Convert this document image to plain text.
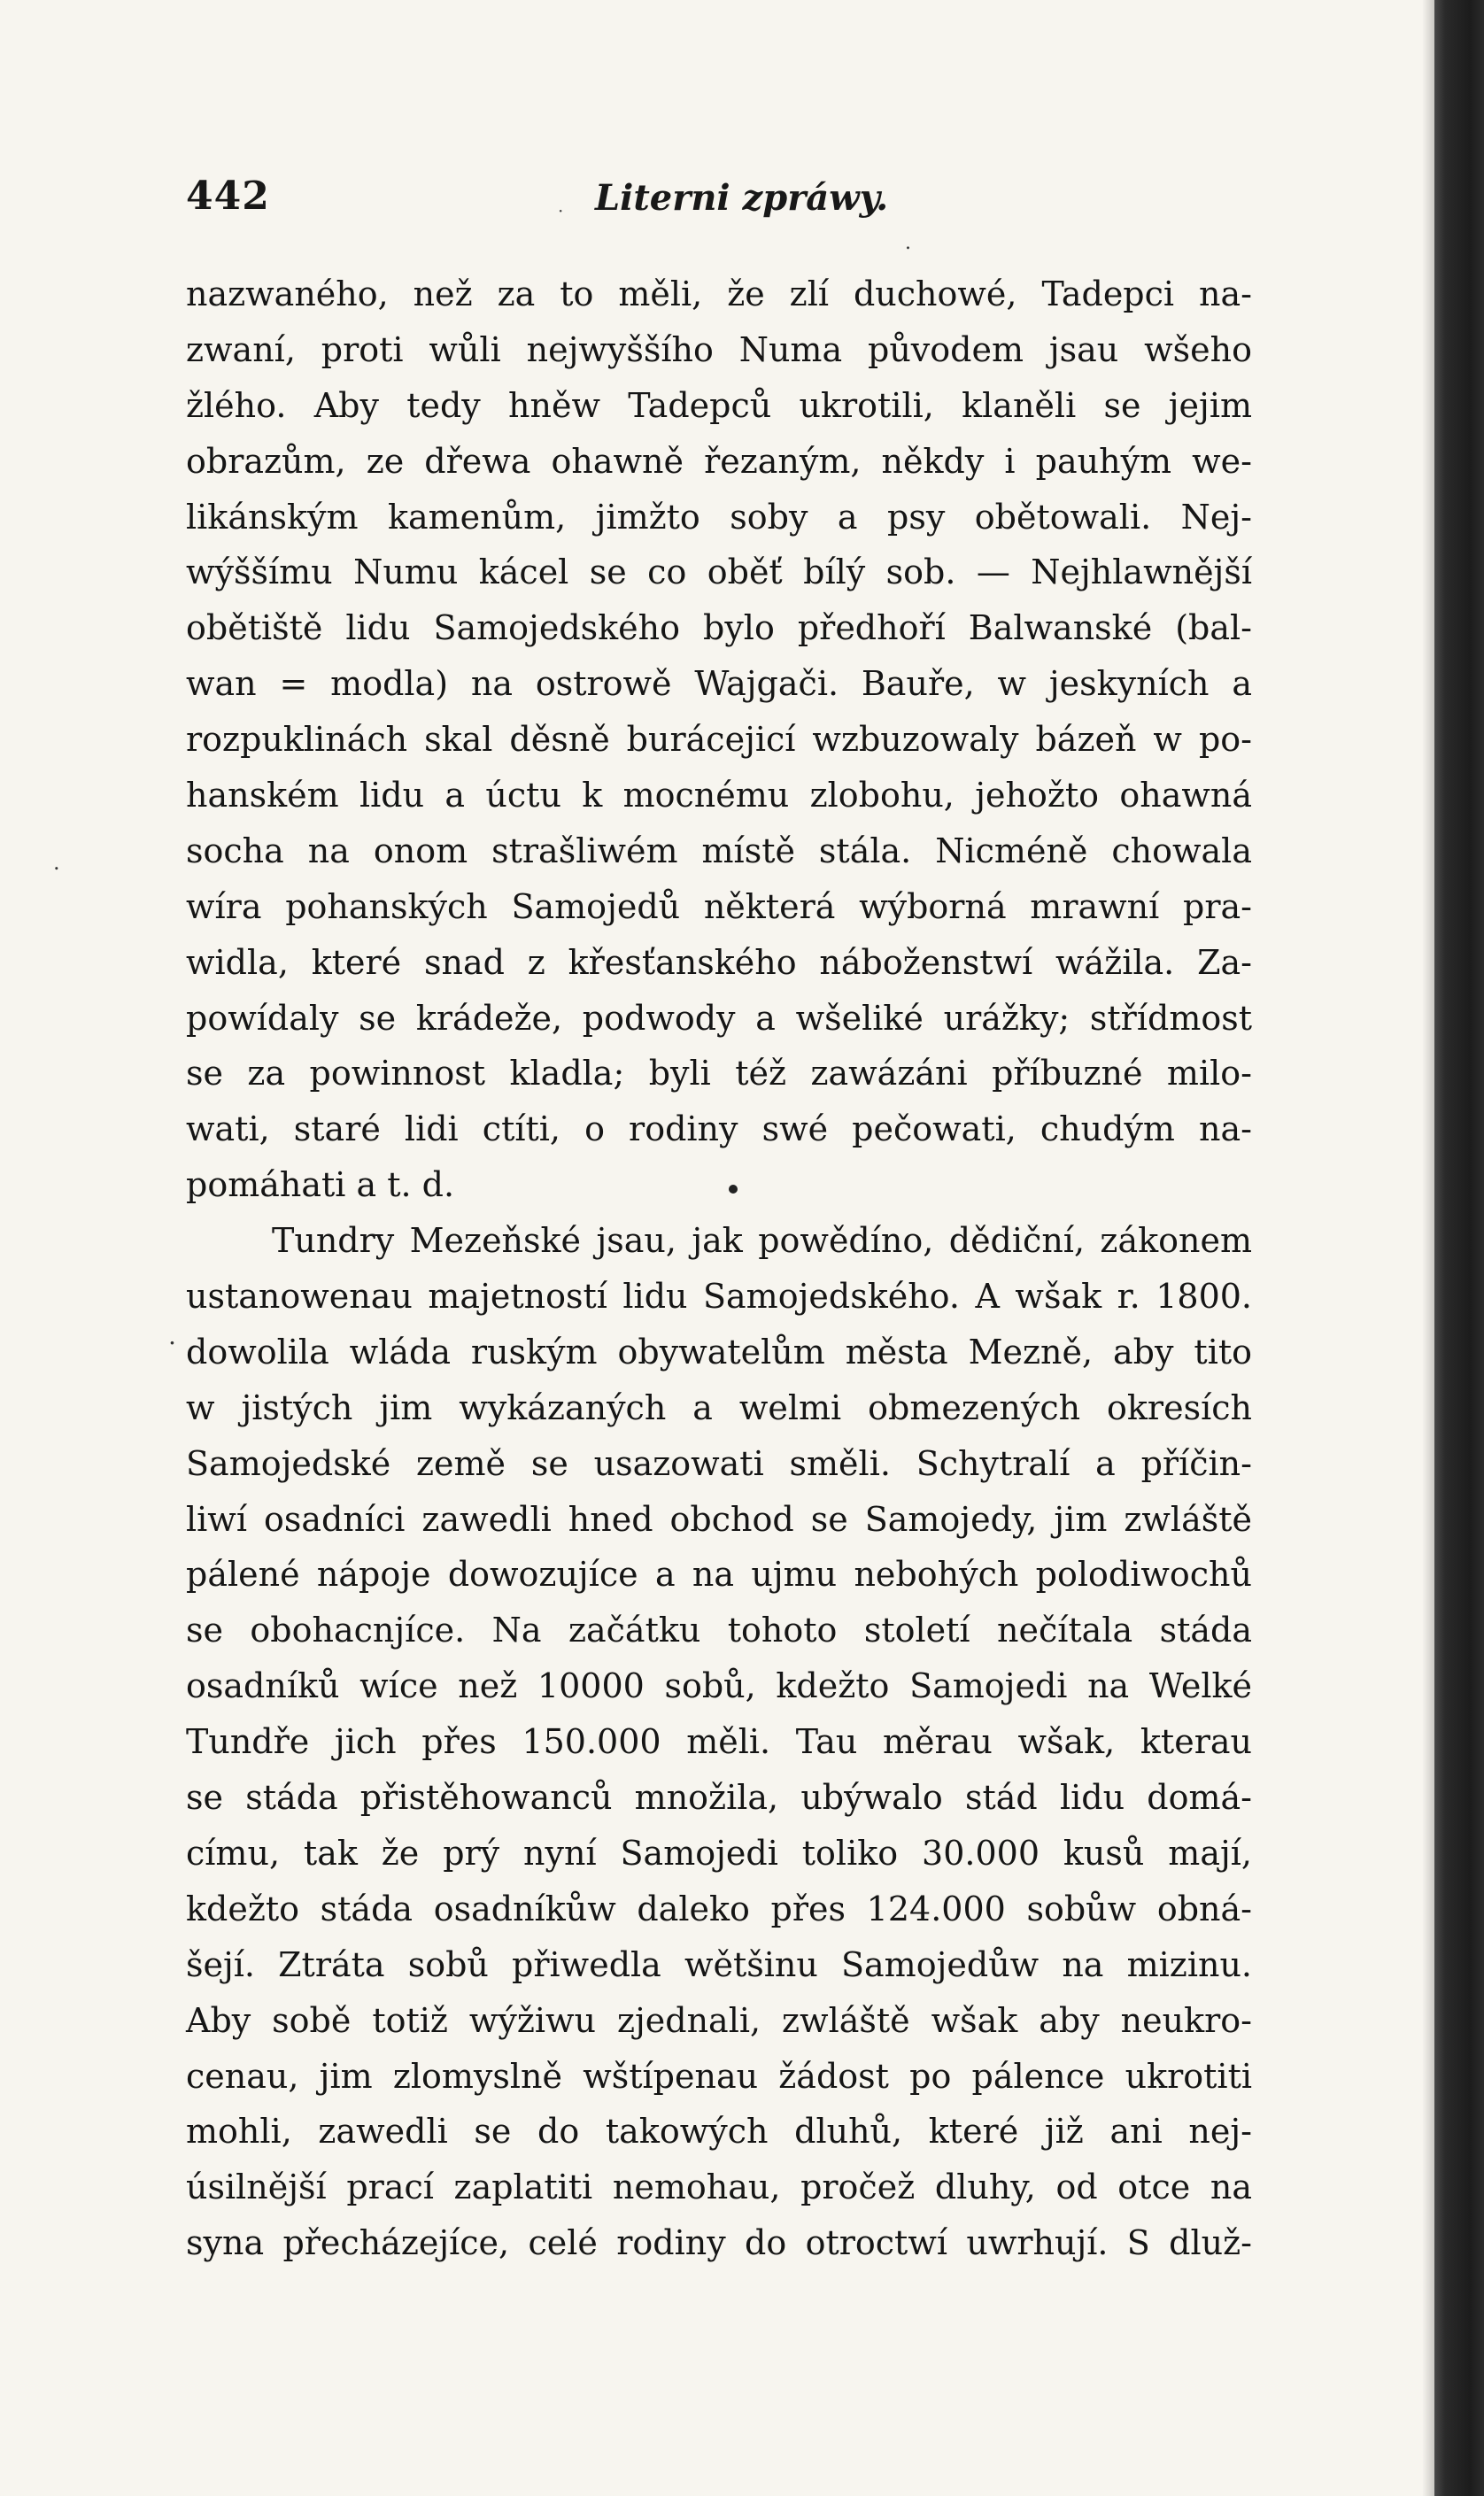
442	· Literni zpráwy.
nazwaného, než za to měli, že zlí duchowé, Tadepci na-
zwaní, proti wůli nejwyššího Numa původem jsau wšeho
žlého. Aby tedy hněw Tadepců ukrotili, klaněli se jejim
obrazům, ze dřewa ohawně řezaným, někdy i pauhým we-
likánským kamenům, jimžto soby a psy obětowali. Nej-
wýššímu Numu kácel se co oběť bílý sob. — Nejhlawnější
obětiště lidu Samojedského bylo předhoří Balwanské (bal-
wan = modla) na ostrowě Wajgači. Bauře, w jeskyních a
rozpuklinách skal děsně burácejicí wzbuzowaly bázeň w po-
hanském lidu a úctu k mocnému zlobohu, jehožto ohawná
socha na onom strašliwém místě stála. Nicméně chowala
wíra pohanských Samojedů některá wýborná mrawní pra-
widla, které snad z křesťanského náboženstwí wážila. Za-
powídaly se krádeže, podwody a wšeliké urážky; střídmost
se za powinnost kladla; byli též zawázáni příbuzné milo-
wati, staré lidi ctíti, o rodiny swé pečowati, chudým na-
pomáhati a t. d.
Tundry Mezeňské jsau, jak powědíno, dědiční, zákonem
ustanowenau majetností lidu Samojedského. A wšak r. 1800.
dowolila wláda ruským obywatelům města Mezně, aby tito
w jistých jim wykázaných a welmi obmezených okresích
Samojedské země se usazowati směli. Schytralí a příčin-
liwí osadníci zawedli hned obchod se Samojedy, jim zwláště
pálené nápoje dowozujíce a na ujmu nebohých polodiwochů
se obohacnjíce. Na začátku tohoto století nečítala stáda
osadníků wíce než 10000 sobů, kdežto Samojedi na Welké
Tundře jich přes 150.000 měli. Tau měrau wšak, kterau
se stáda přistěhowanců množila, ubýwalo stád lidu domá-
címu, tak že prý nyní Samojedi toliko 30.000 kusů mají,
kdežto stáda osadníkůw daleko přes 124.000 sobůw obná-
šejí. Ztráta sobů přiwedla wětšinu Samojedůw na mizinu.
Aby sobě totiž wýžiwu zjednali, zwláště wšak aby neukro-
cenau, jim zlomyslně wštípenau žádost po pálence ukrotiti
mohli, zawedli se do takowých dluhů, které již ani nej-
úsilnější prací zaplatiti nemohau, pročež dluhy, od otce na
syna přecházejíce, celé rodiny do otroctwí uwrhují. S dluž-
.
.
.
